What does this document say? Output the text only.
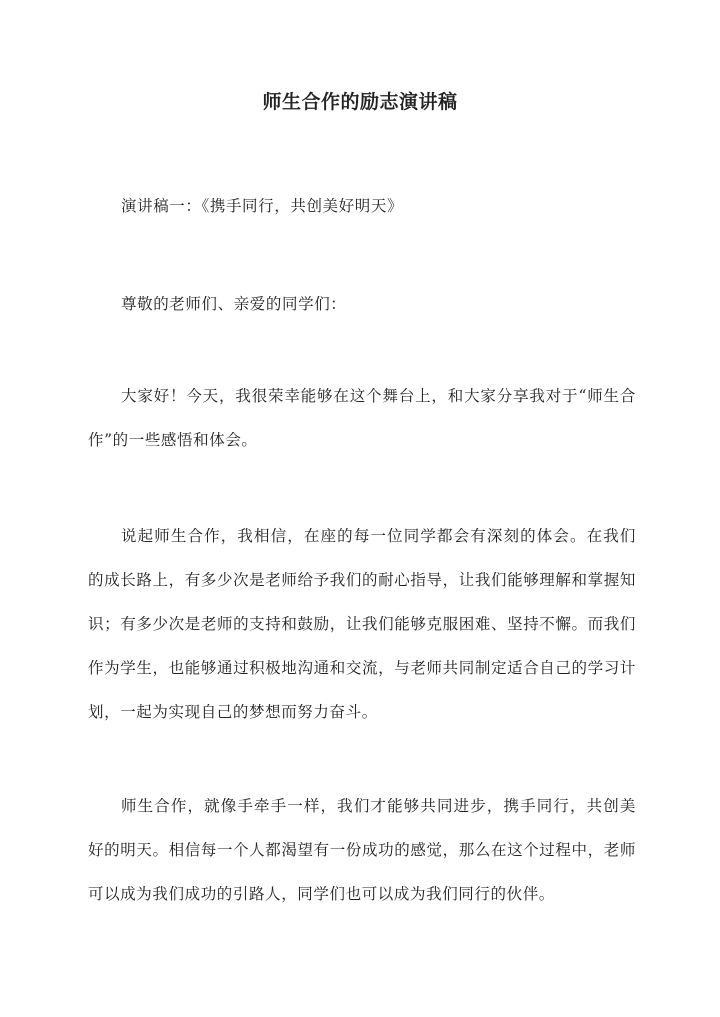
师生合作的励志演讲稿

演讲稿一：《携手同行，共创美好明天》

尊敬的老师们、亲爱的同学们：

大家好！今天，我很荣幸能够在这个舞台上，和大家分享我对于“师生合作”的一些感悟和体会。

说起师生合作，我相信，在座的每一位同学都会有深刻的体会。在我们的成长路上，有多少次是老师给予我们的耐心指导，让我们能够理解和掌握知识；有多少次是老师的支持和鼓励，让我们能够克服困难、坚持不懈。而我们作为学生，也能够通过积极地沟通和交流，与老师共同制定适合自己的学习计划，一起为实现自己的梦想而努力奋斗。

师生合作，就像手牵手一样，我们才能够共同进步，携手同行，共创美好的明天。相信每一个人都渴望有一份成功的感觉，那么在这个过程中，老师可以成为我们成功的引路人，同学们也可以成为我们同行的伙伴。
